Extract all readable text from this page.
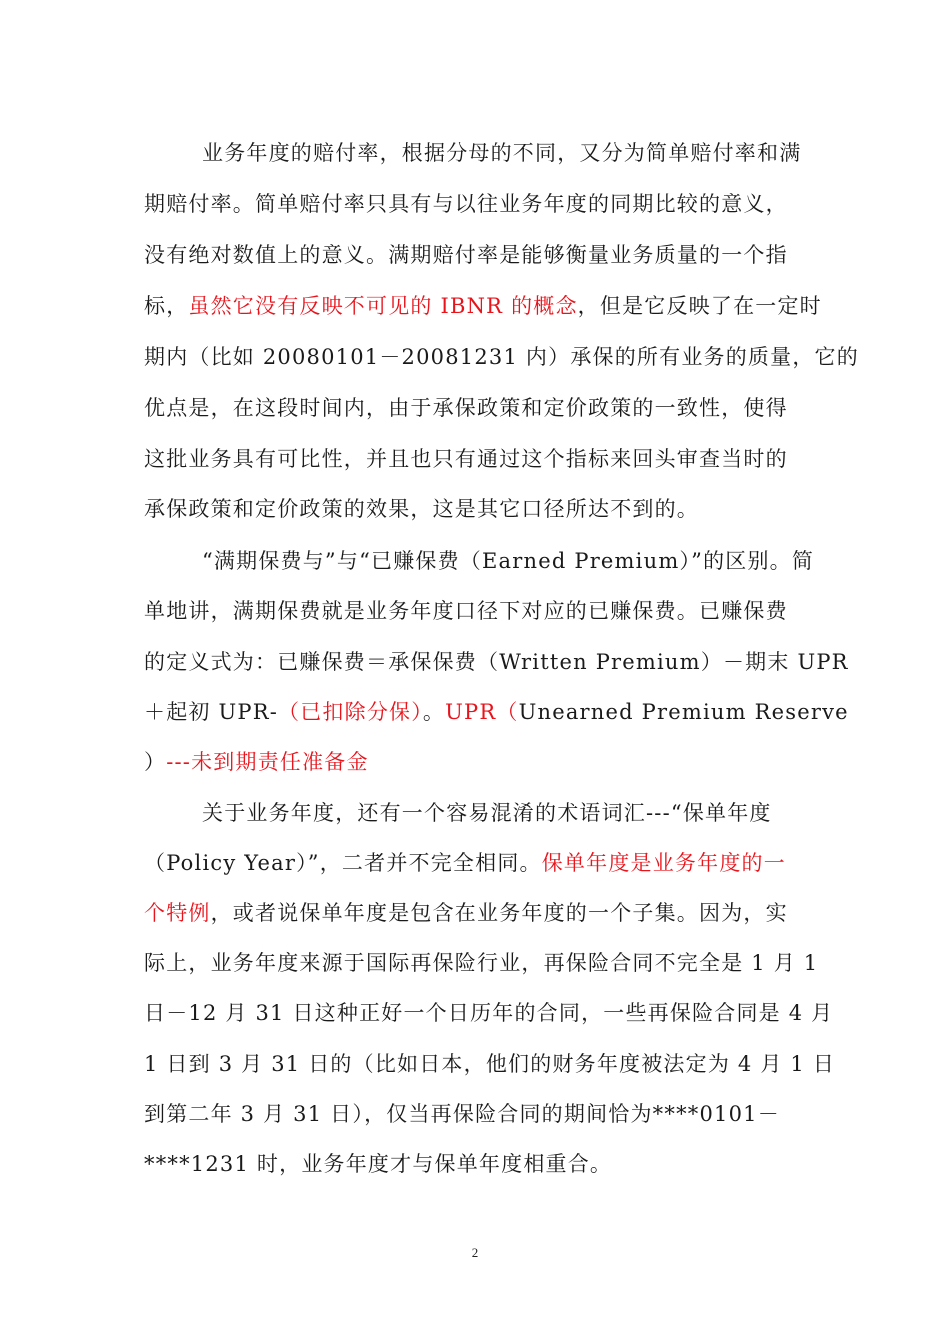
业务年度的赔付率，根据分母的不同，又分为简单赔付率和满
期赔付率。简单赔付率只具有与以往业务年度的同期比较的意义，
没有绝对数值上的意义。满期赔付率是能够衡量业务质量的一个指
标，虽然它没有反映不可见的 IBNR 的概念，但是它反映了在一定时
期内（比如 20080101－20081231 内）承保的所有业务的质量，它的
优点是，在这段时间内，由于承保政策和定价政策的一致性，使得
这批业务具有可比性，并且也只有通过这个指标来回头审查当时的
承保政策和定价政策的效果，这是其它口径所达不到的。
“满期保费与”与“已赚保费（Earned Premium）”的区别。简
单地讲，满期保费就是业务年度口径下对应的已赚保费。已赚保费
的定义式为：已赚保费＝承保保费（Written Premium）－期末 UPR
＋起初 UPR-（已扣除分保）。UPR（Unearned Premium Reserve
）---未到期责任准备金
关于业务年度，还有一个容易混淆的术语词汇---“保单年度
（Policy Year）”，二者并不完全相同。保单年度是业务年度的一
个特例，或者说保单年度是包含在业务年度的一个子集。因为，实
际上，业务年度来源于国际再保险行业，再保险合同不完全是 1 月 1
日－12 月 31 日这种正好一个日历年的合同，一些再保险合同是 4 月
1 日到 3 月 31 日的（比如日本，他们的财务年度被法定为 4 月 1 日
到第二年 3 月 31 日），仅当再保险合同的期间恰为****0101－
****1231 时，业务年度才与保单年度相重合。
2
